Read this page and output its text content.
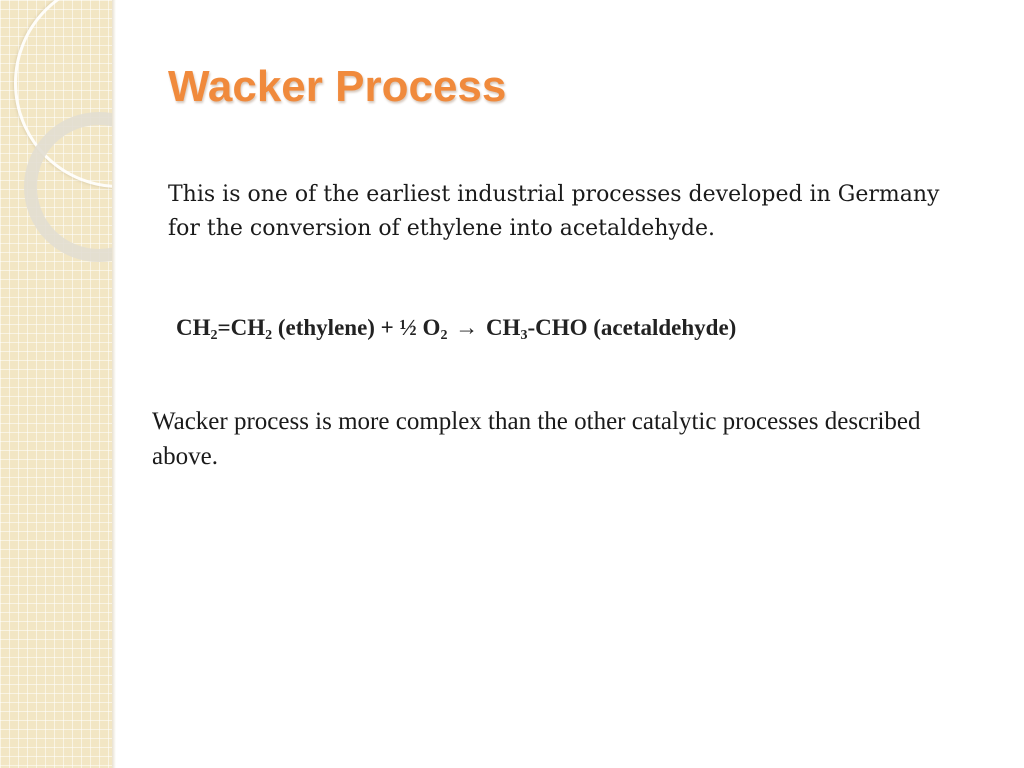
Wacker Process

This is one of the earliest industrial processes developed in Germany for the conversion of ethylene into acetaldehyde.

$CH_2=CH_2$ (ethylene) + ½ $O_2 \to CH_3-CHO$ (acetaldehyde)

Wacker process is more complex than the other catalytic processes described above.
